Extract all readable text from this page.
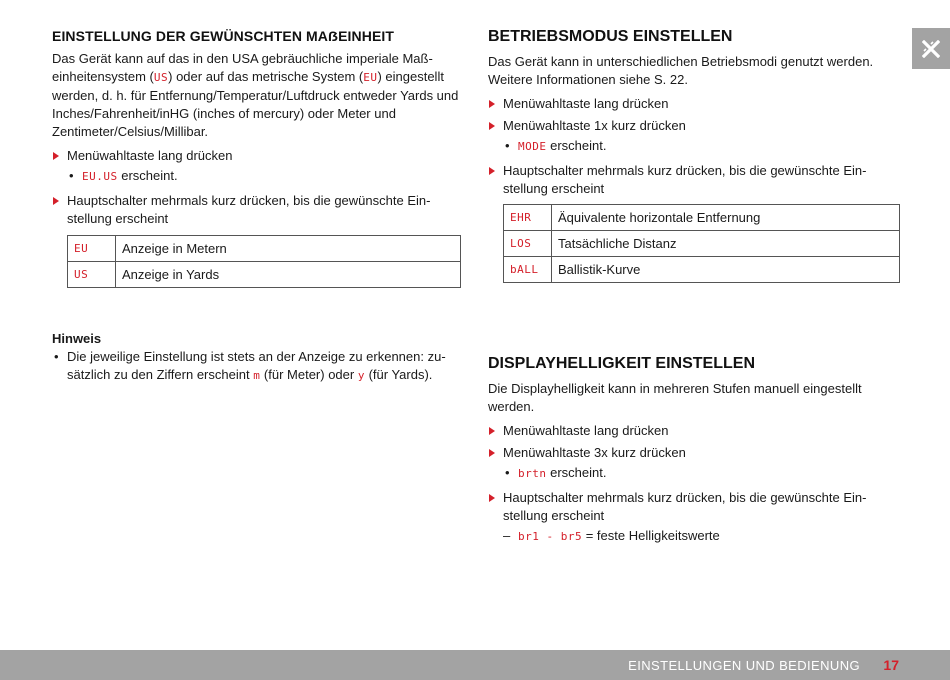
EINSTELLUNG DER GEWÜNSCHTEN MAẞEINHEIT

Das Gerät kann auf das in den USA gebräuchliche imperiale Maß-einheitensystem (US) oder auf das metrische System (EU) eingestellt werden, d. h. für Entfernung/Temperatur/Luftdruck entweder Yards und Inches/Fahrenheit/inHG (inches of mercury) oder Meter und Zentimeter/Celsius/Millibar.

Menüwahltaste lang drücken
• EU.US erscheint.
Hauptschalter mehrmals kurz drücken, bis die gewünschte Ein-stellung erscheint
EU	Anzeige in Metern
US	Anzeige in Yards

Hinweis

• Die jeweilige Einstellung ist stets an der Anzeige zu erkennen: zu-sätzlich zu den Ziffern erscheint m (für Meter) oder y (für Yards).
BETRIEBSMODUS EINSTELLEN

Das Gerät kann in unterschiedlichen Betriebsmodi genutzt werden. Weitere Informationen siehe S. 22.

Menüwahltaste lang drücken
Menüwahltaste 1x kurz drücken
• MODE erscheint.
Hauptschalter mehrmals kurz drücken, bis die gewünschte Ein-stellung erscheint
EHR	Äquivalente horizontale Entfernung
LOS	Tatsächliche Distanz
bALL	Ballistik-Kurve
DISPLAYHELLIGKEIT EINSTELLEN

Die Displayhelligkeit kann in mehreren Stufen manuell eingestellt werden.

Menüwahltaste lang drücken
Menüwahltaste 3x kurz drücken
• brtn erscheint.
Hauptschalter mehrmals kurz drücken, bis die gewünschte Ein-stellung erscheint
– br1 - br5 = feste Helligkeitswerte
EINSTELLUNGEN UND BEDIENUNG 17
